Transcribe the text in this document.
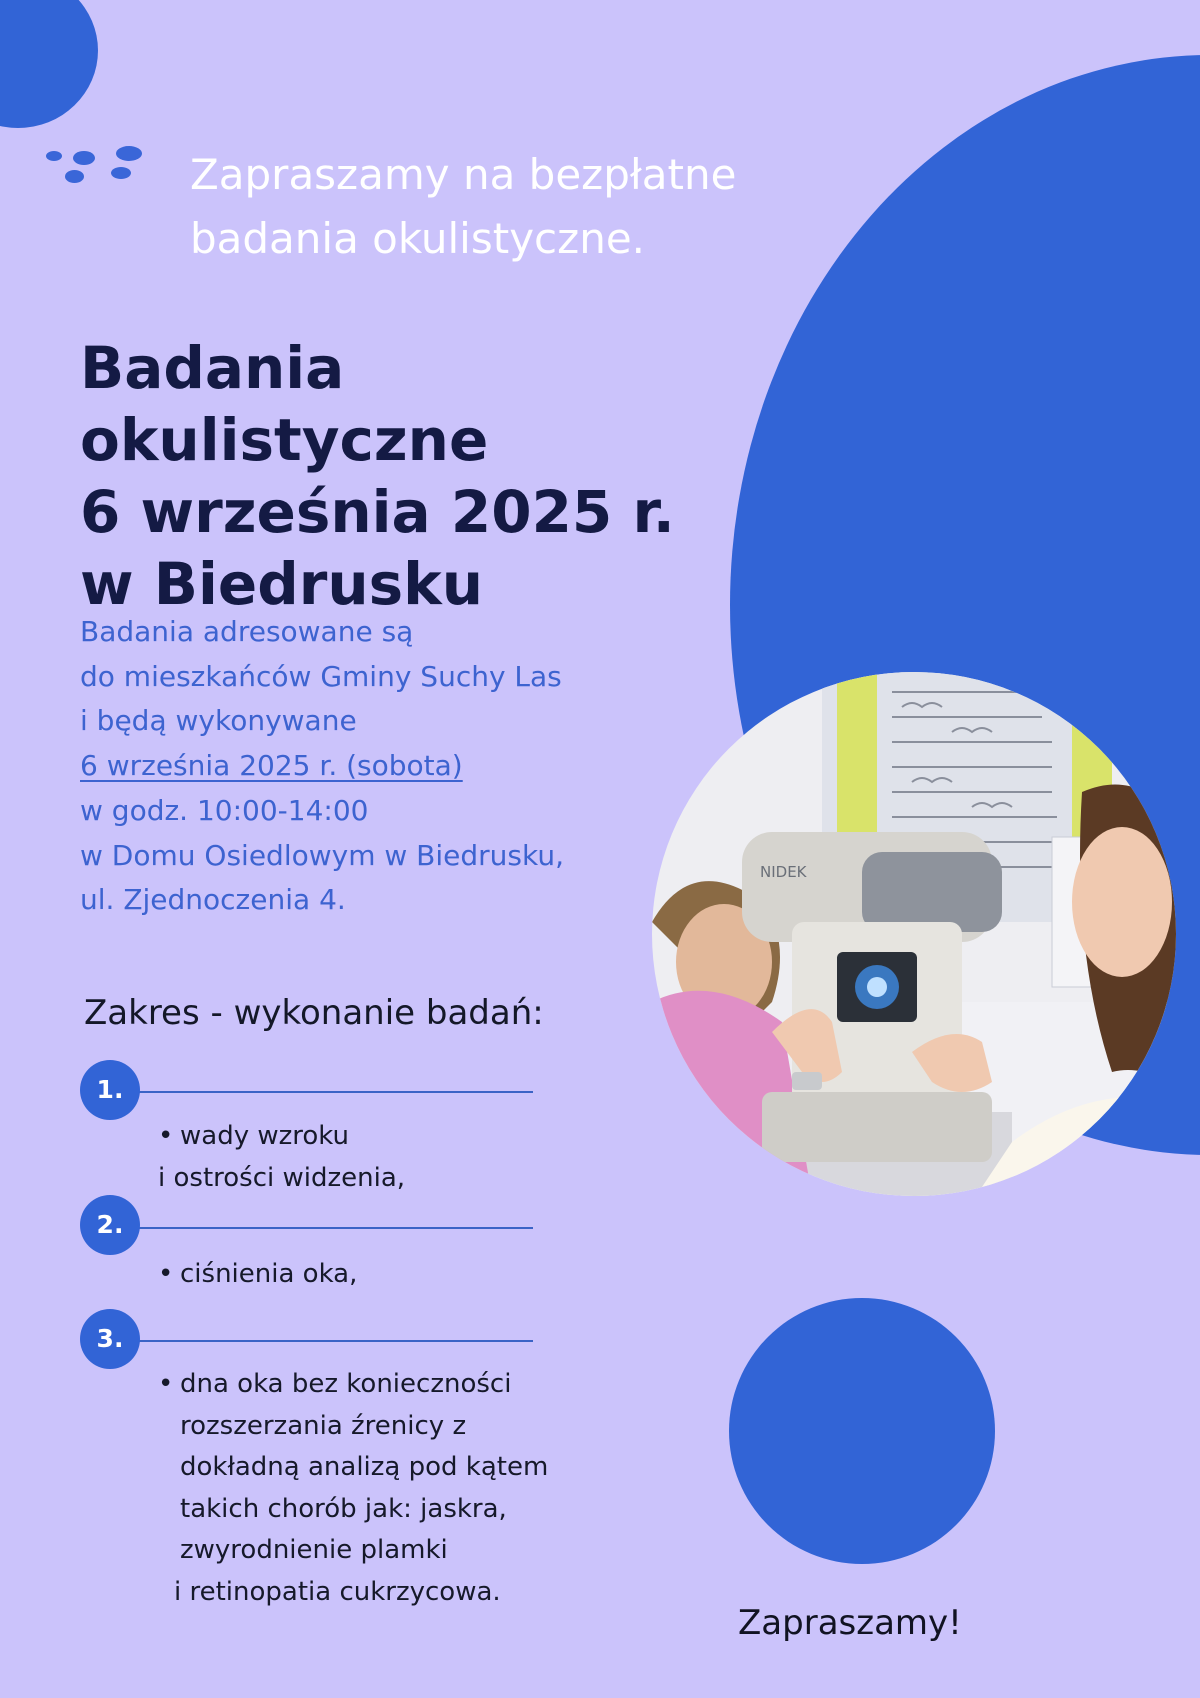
Zapraszamy na bezpłatne
badania okulistyczne.
Badania okulistyczne
6 września 2025 r.
w Biedrusku
Badania adresowane są
do mieszkańców Gminy Suchy Las
i będą wykonywane
6 września 2025 r. (sobota)
w godz. 10:00-14:00
w Domu Osiedlowym w Biedrusku,
ul. Zjednoczenia 4.
Zakres - wykonanie badań:
1.
• wady wzroku
i ostrości widzenia,
2.
• ciśnienia oka,
3.
• dna oka bez konieczności
rozszerzania źrenicy z
dokładną analizą pod kątem
takich chorób jak: jaskra,
zwyrodnienie plamki
i retinopatia cukrzycowa.
NIDEK

Zapraszamy!
